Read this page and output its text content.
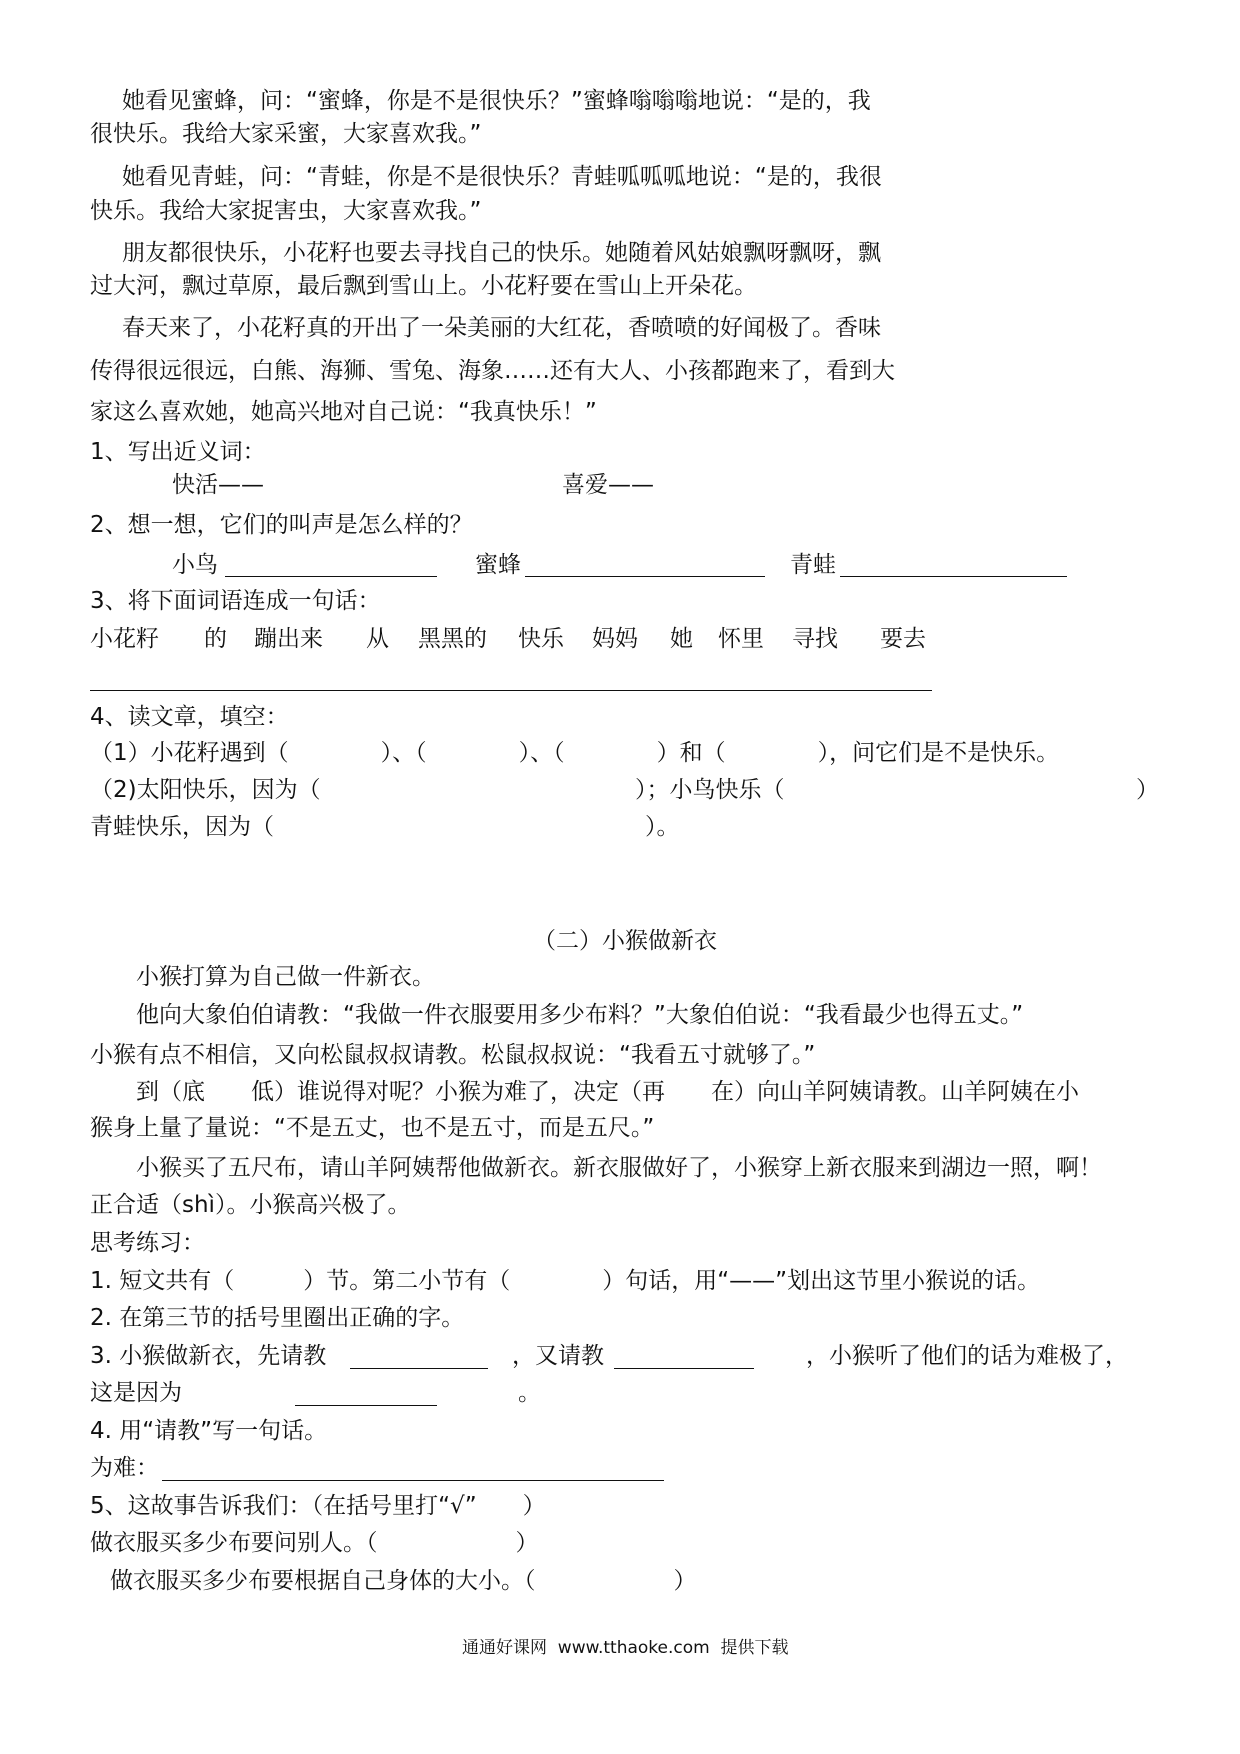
她看见蜜蜂，问：“蜜蜂，你是不是很快乐？”蜜蜂嗡嗡嗡地说：“是的，我
很快乐。我给大家采蜜，大家喜欢我。”
她看见青蛙，问：“青蛙，你是不是很快乐？青蛙呱呱呱地说：“是的，我很
快乐。我给大家捉害虫，大家喜欢我。”
朋友都很快乐，小花籽也要去寻找自己的快乐。她随着风姑娘飘呀飘呀，飘
过大河，飘过草原，最后飘到雪山上。小花籽要在雪山上开朵花。
春天来了，小花籽真的开出了一朵美丽的大红花，香喷喷的好闻极了。香味
传得很远很远，白熊、海狮、雪兔、海象……还有大人、小孩都跑来了，看到大
家这么喜欢她，她高兴地对自己说：“我真快乐！”
1、写出近义词：
快活——	喜爱——
2、想一想，它们的叫声是怎么样的？
小鸟	蜜蜂	青蛙
3、将下面词语连成一句话：
小花籽 的 蹦出来 从 黑黑的 快乐 妈妈 她 怀里 寻找 要去
4、读文章，填空：
（1）小花籽遇到（　　　　）、（　　　　）、（　　　　）和（　　　　），问它们是不是快乐。
（2)太阳快乐，因为（	）；小鸟快乐（	）
青蛙快乐，因为（	）。
（二）小猴做新衣
小猴打算为自己做一件新衣。
他向大象伯伯请教：“我做一件衣服要用多少布料？”大象伯伯说：“我看最少也得五丈。”
小猴有点不相信，又向松鼠叔叔请教。松鼠叔叔说：“我看五寸就够了。”
到（底　　低）谁说得对呢？小猴为难了，决定（再　　在）向山羊阿姨请教。山羊阿姨在小
猴身上量了量说：“不是五丈，也不是五寸，而是五尺。”
小猴买了五尺布，请山羊阿姨帮他做新衣。新衣服做好了，小猴穿上新衣服来到湖边一照，啊！
正合适（shì）。小猴高兴极了。
思考练习：
1. 短文共有（　　　）节。第二小节有（　　　　）句话，用“——”划出这节里小猴说的话。
2. 在第三节的括号里圈出正确的字。
3. 小猴做新衣，先请教	，又请教	，小猴听了他们的话为难极了，
这是因为	。
4. 用“请教”写一句话。
为难：
5、这故事告诉我们：（在括号里打“√”　　）
做衣服买多少布要问别人。（　　　　　　）
做衣服买多少布要根据自己身体的大小。（　　　　　　）
通通好课网  www.tthaoke.com  提供下载
